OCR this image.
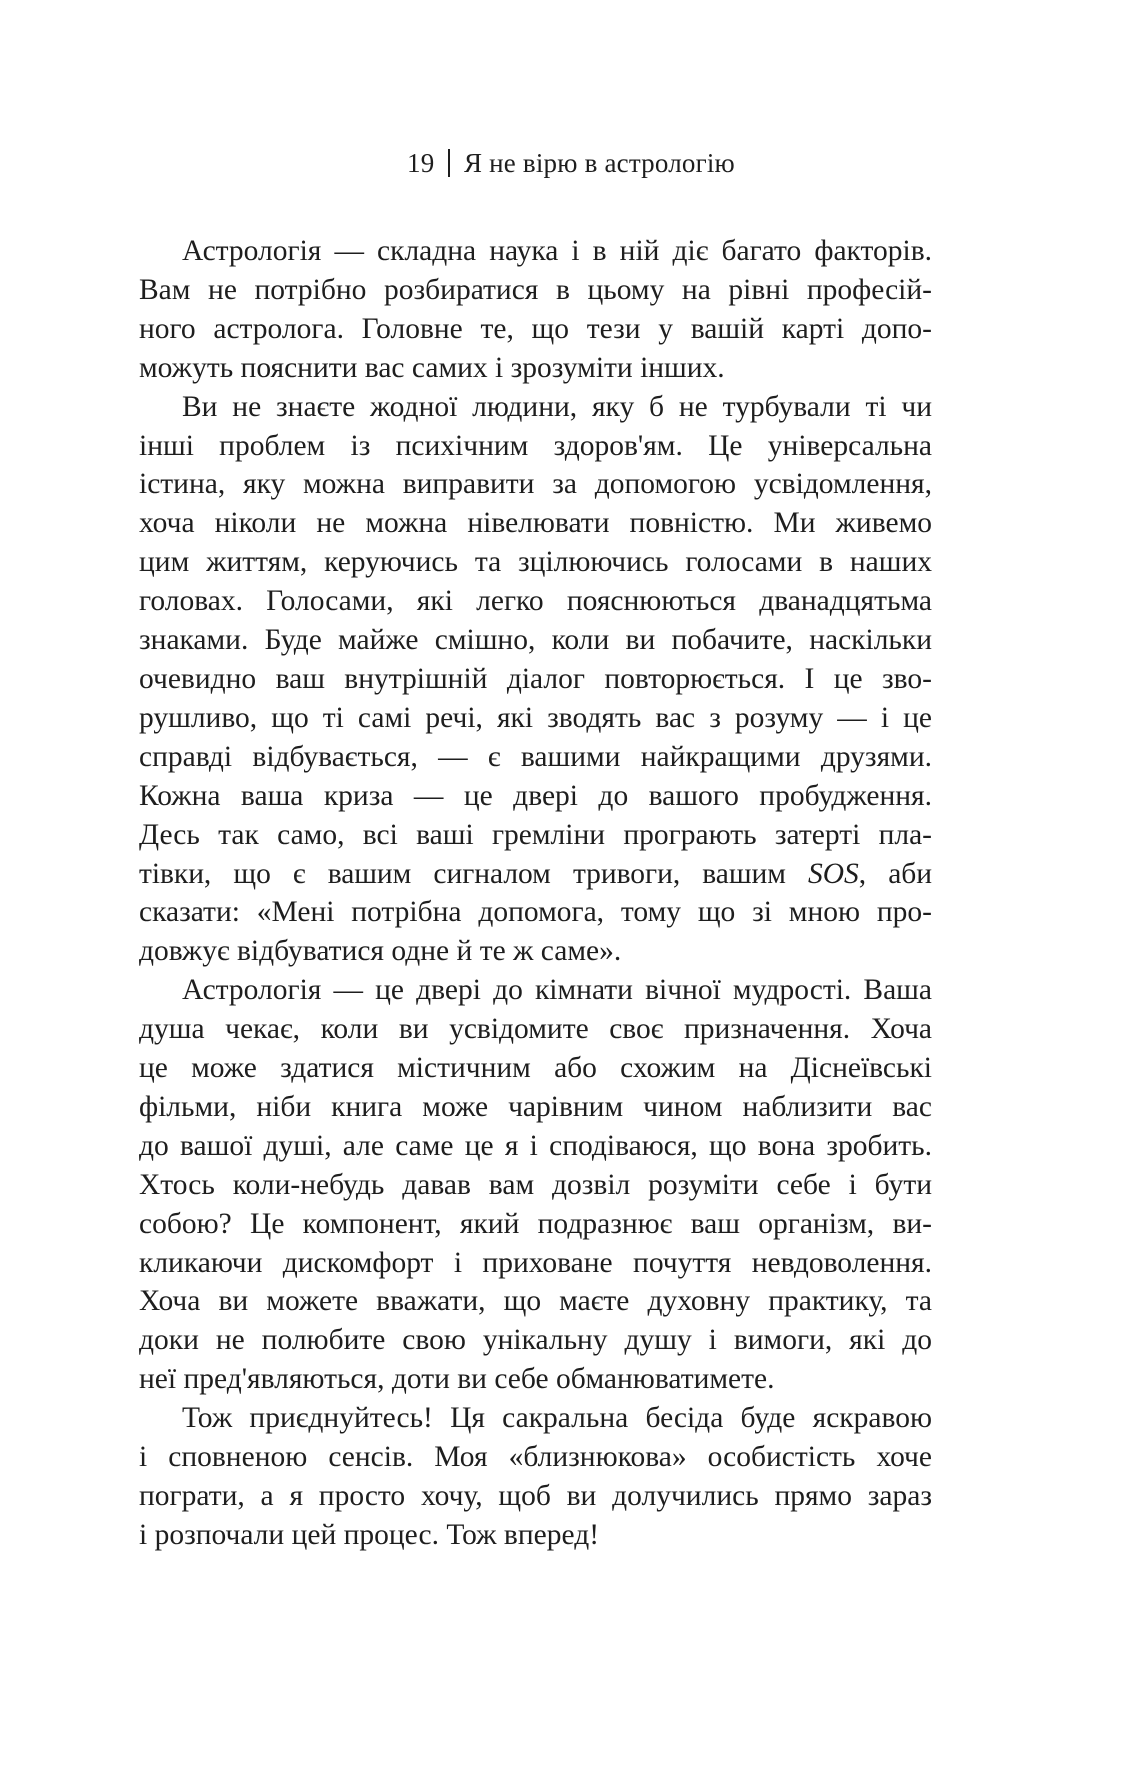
19 Я не вірю в астрологію

Астрологія — складна наука і в ній діє багато факторів.
Вам не потрібно розбиратися в цьому на рівні професій-
ного астролога. Головне те, що тези у вашій карті допо-
можуть пояснити вас самих і зрозуміти інших.

Ви не знаєте жодної людини, яку б не турбували ті чи
інші проблем із психічним здоров'ям. Це універсальна
істина, яку можна виправити за допомогою усвідомлення,
хоча ніколи не можна нівелювати повністю. Ми живемо
цим життям, керуючись та зцілюючись голосами в наших
головах. Голосами, які легко пояснюються дванадцятьма
знаками. Буде майже смішно, коли ви побачите, наскільки
очевидно ваш внутрішній діалог повторюється. І це зво-
рушливо, що ті самі речі, які зводять вас з розуму — і це
справді відбувається, — є вашими найкращими друзями.
Кожна ваша криза — це двері до вашого пробудження.
Десь так само, всі ваші гремліни програють затерті пла-
тівки, що є вашим сигналом тривоги, вашим SOS, аби
сказати: «Мені потрібна допомога, тому що зі мною про-
довжує відбуватися одне й те ж саме».

Астрологія — це двері до кімнати вічної мудрості. Ваша
душа чекає, коли ви усвідомите своє призначення. Хоча
це може здатися містичним або схожим на Діснеївські
фільми, ніби книга може чарівним чином наблизити вас
до вашої душі, але саме це я і сподіваюся, що вона зробить.
Хтось коли-небудь давав вам дозвіл розуміти себе і бути
собою? Це компонент, який подразнює ваш організм, ви-
кликаючи дискомфорт і приховане почуття невдоволення.
Хоча ви можете вважати, що маєте духовну практику, та
доки не полюбите свою унікальну душу і вимоги, які до
неї пред'являються, доти ви себе обманюватимете.

Тож приєднуйтесь! Ця сакральна бесіда буде яскравою
і сповненою сенсів. Моя «близнюкова» особистість хоче
пограти, а я просто хочу, щоб ви долучились прямо зараз
і розпочали цей процес. Тож вперед!
